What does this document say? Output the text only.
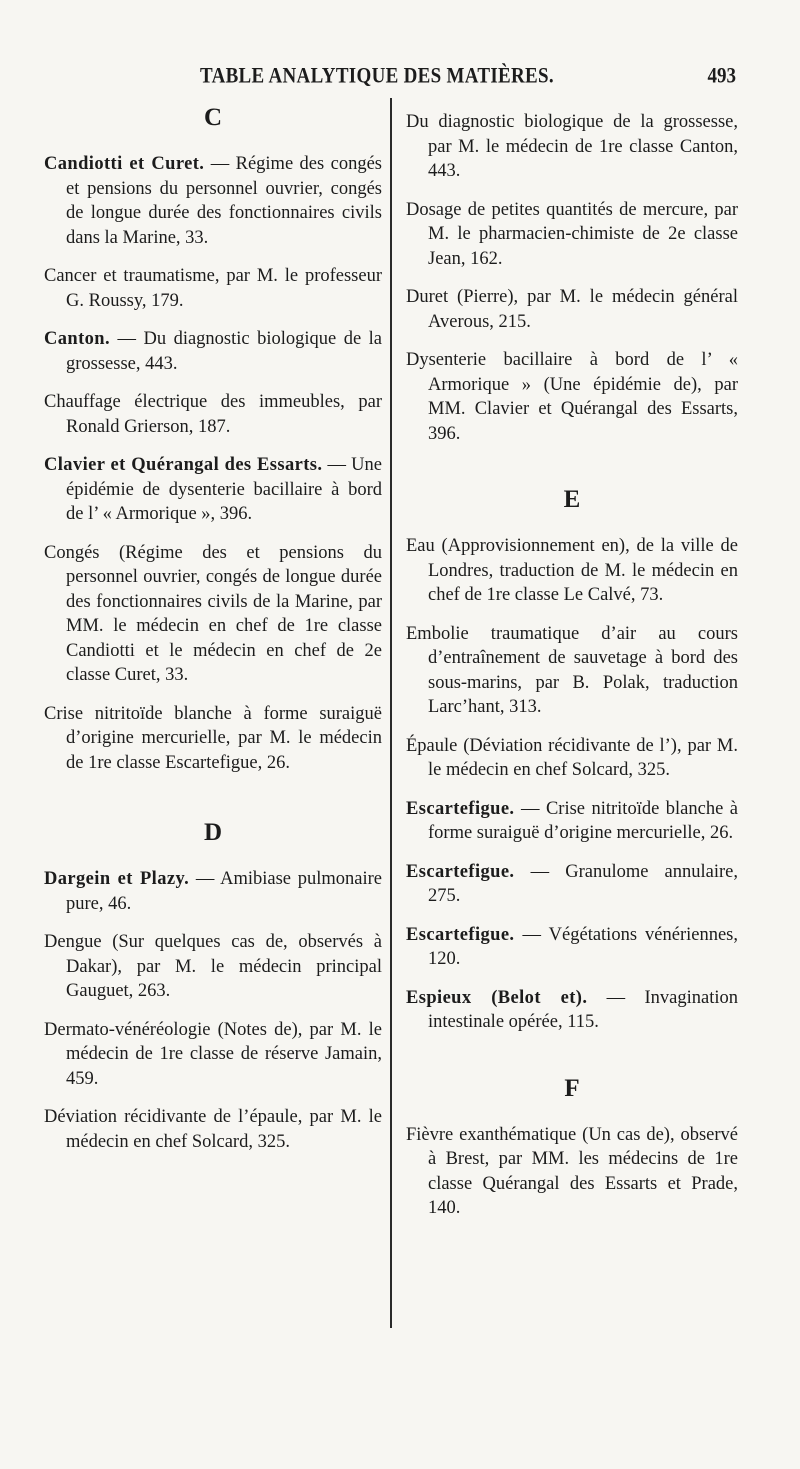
TABLE ANALYTIQUE DES MATIÈRES.	493

C

Candiotti et Curet. — Régime des congés et pensions du personnel ouvrier, congés de longue durée des fonctionnaires civils dans la Marine, 33.

Cancer et traumatisme, par M. le professeur G. Roussy, 179.

Canton. — Du diagnostic biologique de la grossesse, 443.

Chauffage électrique des immeubles, par Ronald Grierson, 187.

Clavier et Quérangal des Essarts. — Une épidémie de dysenterie bacillaire à bord de l’ « Armorique », 396.

Congés (Régime des et pensions du personnel ouvrier, congés de longue durée des fonctionnaires civils de la Marine, par MM. le médecin en chef de 1re classe Candiotti et le médecin en chef de 2e classe Curet, 33.

Crise nitritoïde blanche à forme suraiguë d’origine mercurielle, par M. le médecin de 1re classe Escartefigue, 26.

D

Dargein et Plazy. — Amibiase pulmonaire pure, 46.

Dengue (Sur quelques cas de, observés à Dakar), par M. le médecin principal Gauguet, 263.

Dermato-vénéréologie (Notes de), par M. le médecin de 1re classe de réserve Jamain, 459.

Déviation récidivante de l’épaule, par M. le médecin en chef Solcard, 325.

Du diagnostic biologique de la grossesse, par M. le médecin de 1re classe Canton, 443.

Dosage de petites quantités de mercure, par M. le pharmacien-chimiste de 2e classe Jean, 162.

Duret (Pierre), par M. le médecin général Averous, 215.

Dysenterie bacillaire à bord de l’ « Armorique » (Une épidémie de), par MM. Clavier et Quérangal des Essarts, 396.

E

Eau (Approvisionnement en), de la ville de Londres, traduction de M. le médecin en chef de 1re classe Le Calvé, 73.

Embolie traumatique d’air au cours d’entraînement de sauvetage à bord des sous-marins, par B. Polak, traduction Larc’hant, 313.

Épaule (Déviation récidivante de l’), par M. le médecin en chef Solcard, 325.

Escartefigue. — Crise nitritoïde blanche à forme suraiguë d’origine mercurielle, 26.

Escartefigue. — Granulome annulaire, 275.

Escartefigue. — Végétations vénériennes, 120.

Espieux (Belot et). — Invagination intestinale opérée, 115.

F

Fièvre exanthématique (Un cas de), observé à Brest, par MM. les médecins de 1re classe Quérangal des Essarts et Prade, 140.
